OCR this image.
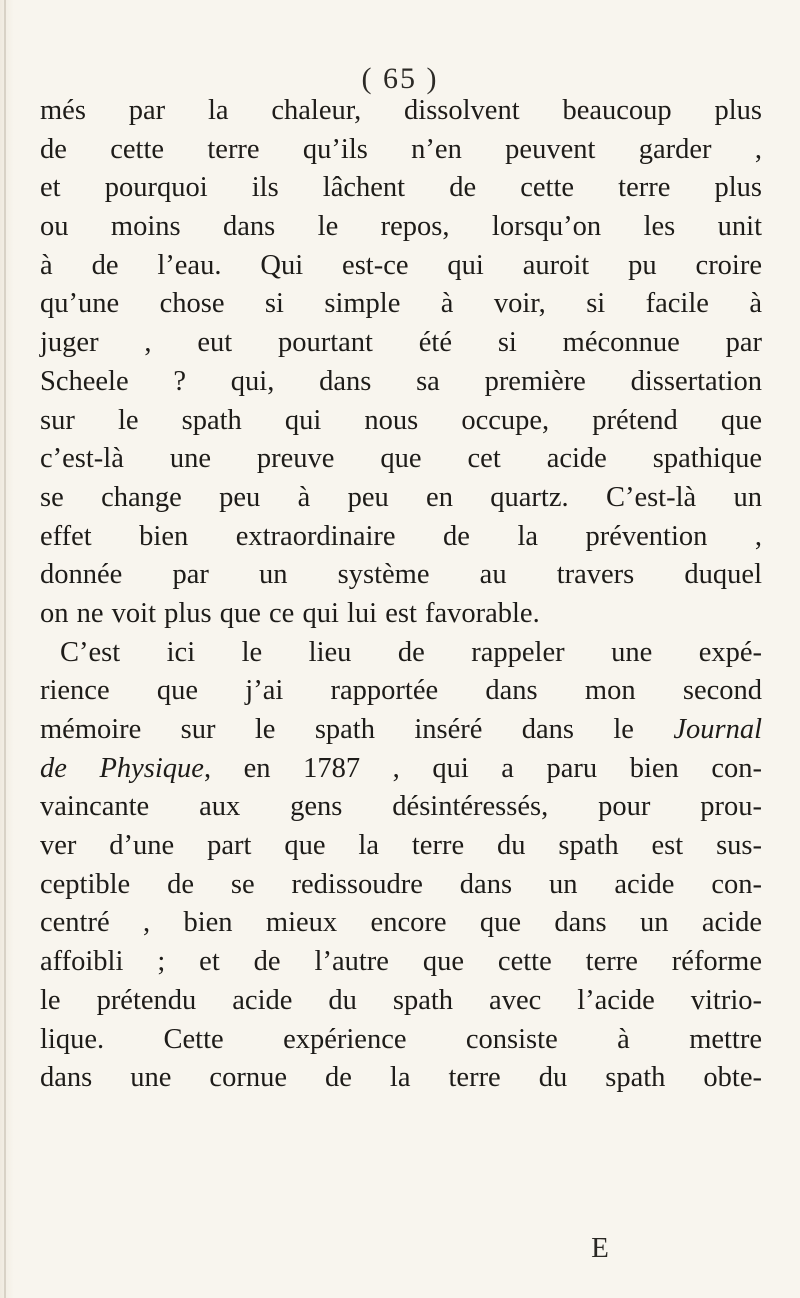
( 65 )
més par la chaleur, dissolvent beaucoup plus
de cette terre qu’ils n’en peuvent garder ,
et pourquoi ils lâchent de cette terre plus
ou moins dans le repos, lorsqu’on les unit
à de l’eau. Qui est-ce qui auroit pu croire
qu’une chose si simple à voir, si facile à
juger , eut pourtant été si méconnue par
Scheele ? qui, dans sa première dissertation
sur le spath qui nous occupe, prétend que
c’est-là une preuve que cet acide spathique
se change peu à peu en quartz. C’est-là un
effet bien extraordinaire de la prévention ,
donnée par un système au travers duquel
on ne voit plus que ce qui lui est favorable.
C’est ici le lieu de rappeler une expé-
rience que j’ai rapportée dans mon second
mémoire sur le spath inséré dans le Journal
de Physique, en 1787 , qui a paru bien con-
vaincante aux gens désintéressés, pour prou-
ver d’une part que la terre du spath est sus-
ceptible de se redissoudre dans un acide con-
centré , bien mieux encore que dans un acide
affoibli ; et de l’autre que cette terre réforme
le prétendu acide du spath avec l’acide vitrio-
lique. Cette expérience consiste à mettre
dans une cornue de la terre du spath obte-
E
